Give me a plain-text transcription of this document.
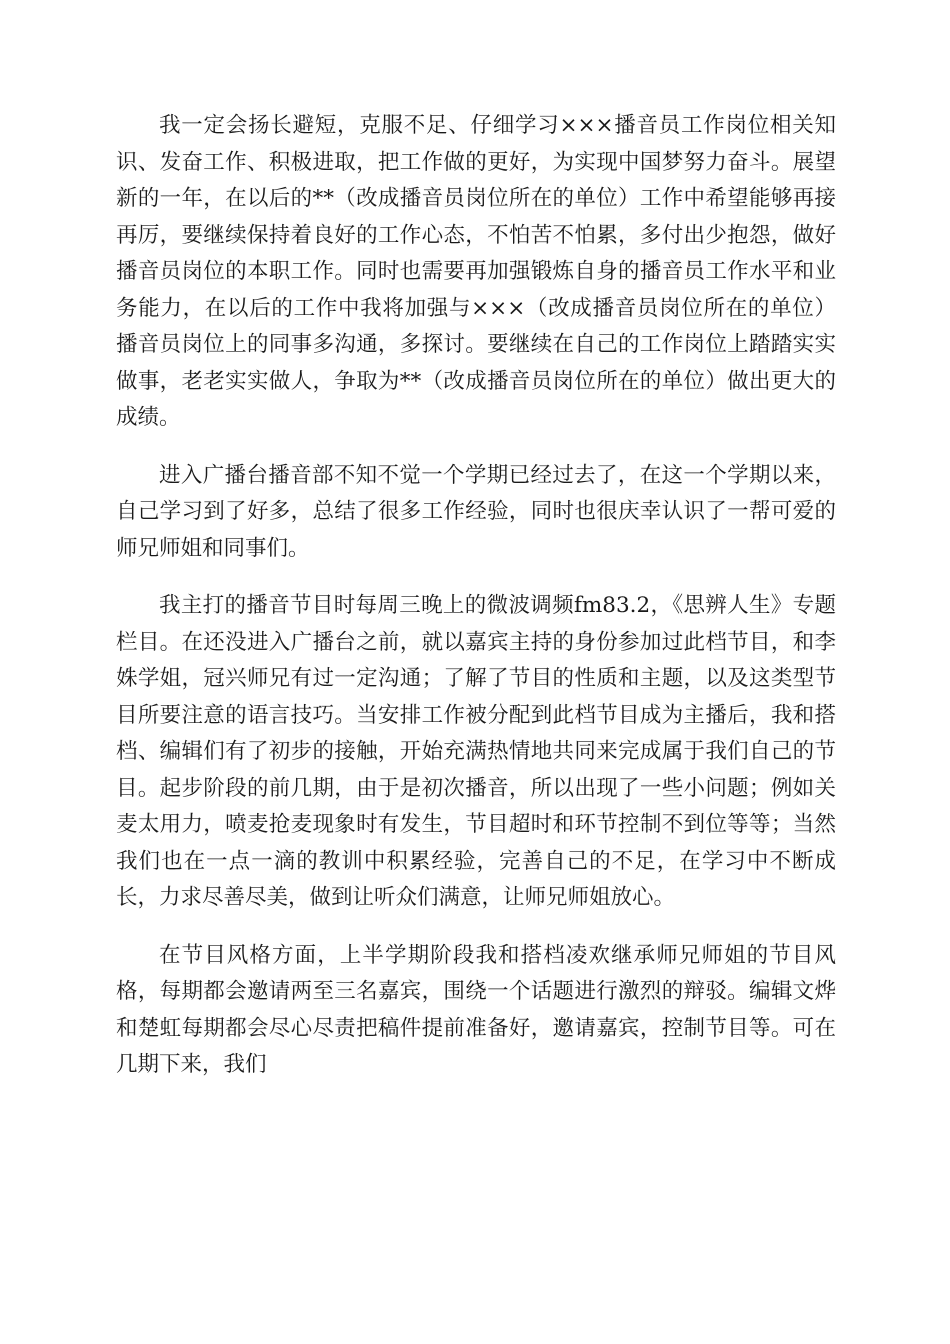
我一定会扬长避短，克服不足、仔细学习×××播音员工作岗位相关知识、发奋工作、积极进取，把工作做的更好，为实现中国梦努力奋斗。展望新的一年，在以后的**（改成播音员岗位所在的单位）工作中希望能够再接再厉，要继续保持着良好的工作心态，不怕苦不怕累，多付出少抱怨，做好播音员岗位的本职工作。同时也需要再加强锻炼自身的播音员工作水平和业务能力，在以后的工作中我将加强与×××（改成播音员岗位所在的单位）播音员岗位上的同事多沟通，多探讨。要继续在自己的工作岗位上踏踏实实做事，老老实实做人，争取为**（改成播音员岗位所在的单位）做出更大的成绩。

进入广播台播音部不知不觉一个学期已经过去了，在这一个学期以来，自己学习到了好多，总结了很多工作经验，同时也很庆幸认识了一帮可爱的师兄师姐和同事们。

我主打的播音节目时每周三晚上的微波调频fm83.2，《思辨人生》专题栏目。在还没进入广播台之前，就以嘉宾主持的身份参加过此档节目，和李姝学姐，冠兴师兄有过一定沟通；了解了节目的性质和主题，以及这类型节目所要注意的语言技巧。当安排工作被分配到此档节目成为主播后，我和搭档、编辑们有了初步的接触，开始充满热情地共同来完成属于我们自己的节目。起步阶段的前几期，由于是初次播音，所以出现了一些小问题；例如关麦太用力，喷麦抢麦现象时有发生，节目超时和环节控制不到位等等；当然我们也在一点一滴的教训中积累经验，完善自己的不足，在学习中不断成长，力求尽善尽美，做到让听众们满意，让师兄师姐放心。

在节目风格方面，上半学期阶段我和搭档凌欢继承师兄师姐的节目风格，每期都会邀请两至三名嘉宾，围绕一个话题进行激烈的辩驳。编辑文烨和楚虹每期都会尽心尽责把稿件提前准备好，邀请嘉宾，控制节目等。可在几期下来，我们
